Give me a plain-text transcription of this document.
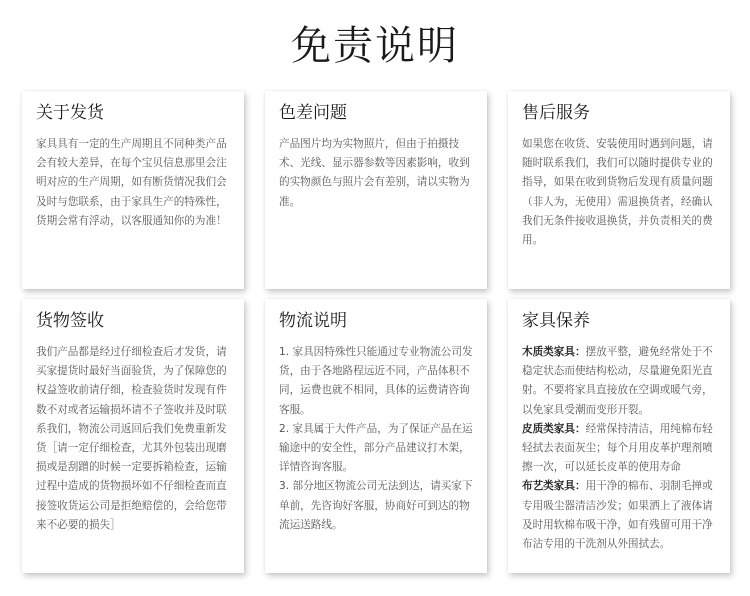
免责说明
关于发货

家具具有一定的生产周期且不同种类产品会有较大差异，在每个宝贝信息那里会注明对应的生产周期，如有断货情况我们会及时与您联系，由于家具生产的特殊性，货期会常有浮动，以客服通知你的为准！

色差问题

产品图片均为实物照片，但由于拍摄技术、光线、显示器参数等因素影响，收到的实物颜色与照片会有差别，请以实物为准。

售后服务

如果您在收货、安装使用时遇到问题，请随时联系我们，我们可以随时提供专业的指导，如果在收到货物后发现有质量问题（非人为，无使用）需退换货者，经确认我们无条件接收退换货，并负责相关的费用。

货物签收

我们产品都是经过仔细检查后才发货，请买家提货时最好当面验货，为了保障您的权益签收前请仔细，检查验货时发现有件数不对或者运输损坏请不子签收并及时联系我们，物流公司返回后我们免费重新发货［请一定仔细检查，尤其外包装出现磨损或是刮蹭的时候一定要拆箱检查，运输过程中造成的货物损坏如不仔细检查而直接签收货运公司是拒绝赔偿的，会给您带来不必要的损失］

物流说明

1. 家具因特殊性只能通过专业物流公司发货，由于各地路程远近不同，产品体积不同，运费也就不相同，具体的运费请咨询客服。

2. 家具属于大件产品，为了保证产品在运输途中的安全性，部分产品建议打木架，详情咨询客服。

3. 部分地区物流公司无法到达，请买家下单前，先咨询好客服，协商好可到达的物流运送路线。

家具保养

木质类家具：摆放平整，避免经常处于不稳定状态而使结构松动，尽量避免阳光直射。不要将家具直接放在空调或暖气旁，以免家具受潮而变形开裂。

皮质类家具：经常保持清洁，用纯棉布轻轻拭去表面灰尘；每个月用皮革护理剂喷擦一次，可以延长皮革的使用寿命

布艺类家具：用干净的棉布、羽制毛掸或专用吸尘器清洁沙发；如果洒上了液体请及时用软棉布吸干净，如有残留可用干净布沾专用的干洗剂从外围拭去。
